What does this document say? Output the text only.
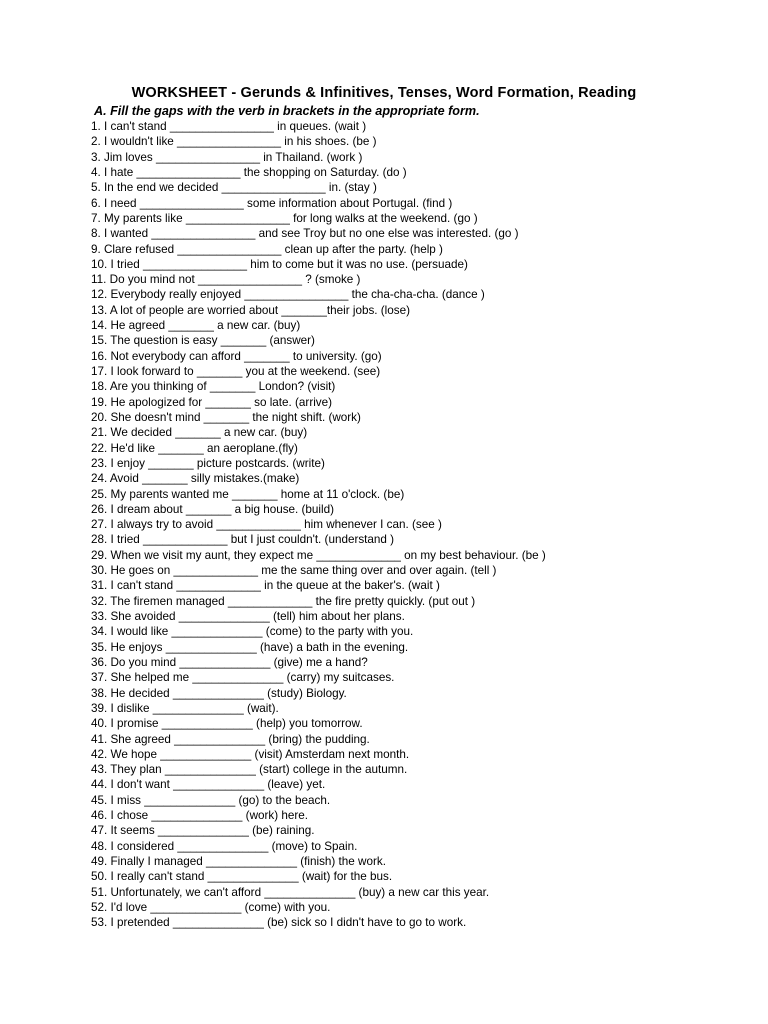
WORKSHEET - Gerunds & Infinitives, Tenses, Word Formation, Reading
A. Fill the gaps with the verb in brackets in the appropriate form.
1. I can't stand ________________ in queues. (wait )
2. I wouldn't like ________________ in his shoes. (be )
3. Jim loves ________________ in Thailand. (work )
4. I hate ________________ the shopping on Saturday. (do )
5. In the end we decided ________________ in. (stay )
6. I need ________________ some information about Portugal. (find )
7. My parents like ________________ for long walks at the weekend. (go )
8. I wanted ________________ and see Troy but no one else was interested. (go )
9. Clare refused ________________ clean up after the party. (help )
10. I tried ________________ him to come but it was no use. (persuade)
11. Do you mind not ________________ ? (smoke )
12. Everybody really enjoyed ________________ the cha-cha-cha. (dance )
13. A lot of people are worried about _______their jobs. (lose)
14. He agreed _______ a new car. (buy)
15. The question is easy _______ (answer)
16. Not everybody can afford _______ to university. (go)
17. I look forward to _______ you at the weekend. (see)
18. Are you thinking of _______ London? (visit)
19. He apologized for _______ so late. (arrive)
20. She doesn't mind _______ the night shift. (work)
21. We decided _______ a new car. (buy)
22. He'd like _______ an aeroplane.(fly)
23. I enjoy _______ picture postcards. (write)
24. Avoid _______ silly mistakes.(make)
25. My parents wanted me _______ home at 11 o'clock. (be)
26. I dream about _______ a big house. (build)
27. I always try to avoid _____________ him whenever I can. (see )
28. I tried _____________ but I just couldn't. (understand )
29. When we visit my aunt, they expect me _____________ on my best behaviour. (be )
30. He goes on _____________ me the same thing over and over again. (tell )
31. I can't stand _____________ in the queue at the baker's. (wait )
32. The firemen managed _____________ the fire pretty quickly. (put out )
33. She avoided ______________ (tell) him about her plans.
34. I would like ______________ (come) to the party with you.
35. He enjoys ______________ (have) a bath in the evening.
36. Do you mind ______________ (give) me a hand?
37. She helped me ______________ (carry) my suitcases.
38. He decided ______________ (study) Biology.
39. I dislike ______________ (wait).
40. I promise ______________ (help) you tomorrow.
41. She agreed ______________ (bring) the pudding.
42. We hope ______________ (visit) Amsterdam next month.
43. They plan ______________ (start) college in the autumn.
44. I don't want ______________ (leave) yet.
45. I miss ______________ (go) to the beach.
46. I chose ______________ (work) here.
47. It seems ______________ (be) raining.
48. I considered ______________ (move) to Spain.
49. Finally I managed ______________ (finish) the work.
50. I really can't stand ______________ (wait) for the bus.
51. Unfortunately, we can't afford ______________ (buy) a new car this year.
52. I'd love ______________ (come) with you.
53. I pretended ______________ (be) sick so I didn't have to go to work.
